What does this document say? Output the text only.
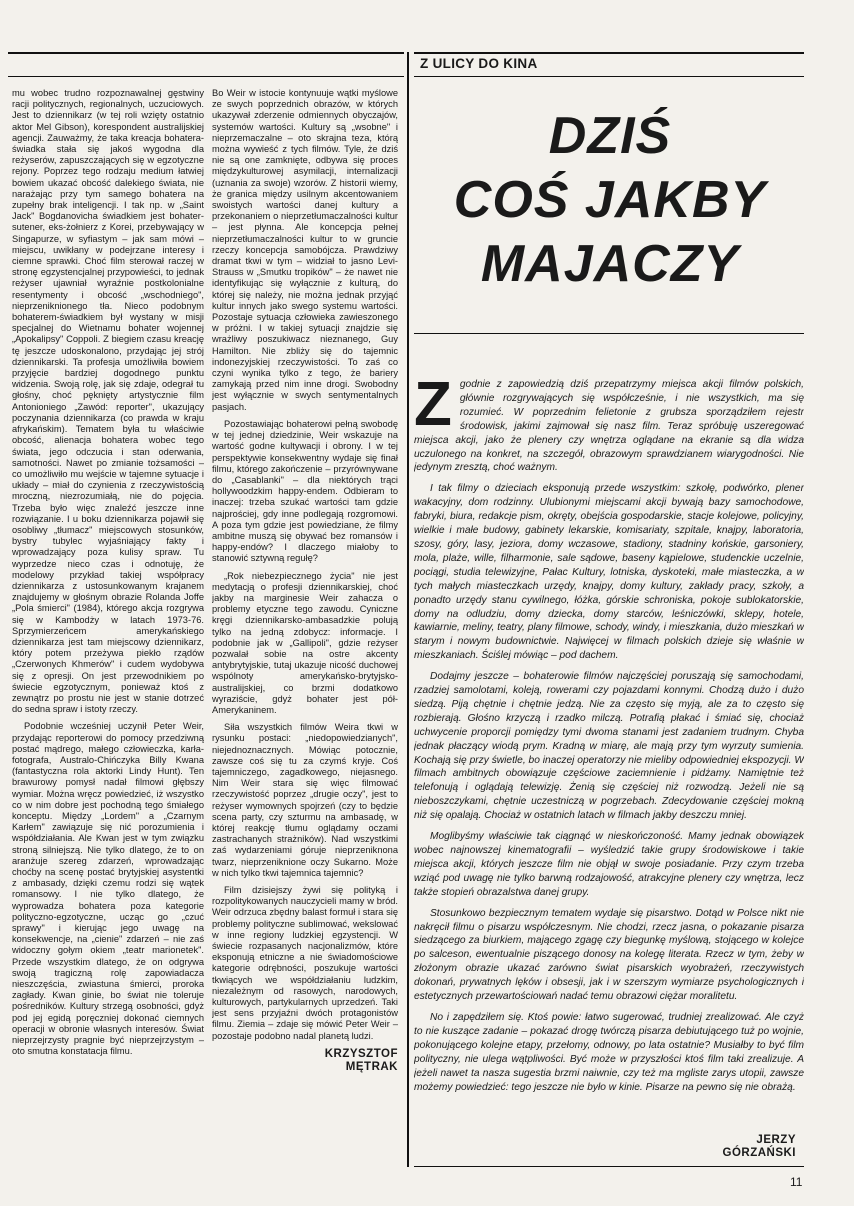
Z ULICY DO KINA

mu wobec trudno rozpoznawalnej gęstwiny racji politycznych, regionalnych, uczuciowych. Jest to dziennikarz (w tej roli wzięty ostatnio aktor Mel Gibson), korespondent australijskiej agencji. Zauważmy, że taka kreacja bohatera-świadka stała się jakoś wygodna dla reżyserów, zapuszczających się w egzotyczne rejony. Poprzez tego rodzaju medium łatwiej bowiem ukazać obcość dalekiego świata, nie narażając przy tym samego bohatera na zupełny brak inteligencji. I tak np. w „Saint Jack" Bogdanovicha świadkiem jest bohater-sutener, eks-żołnierz z Korei, przebywający w Singapurze, w syfiastym – jak sam mówi – miejscu, uwikłany w podejrzane interesy i ciemne sprawki. Choć film sterował raczej w stronę egzystencjalnej przypowieści, to jednak reżyser ujawniał wyraźnie postkolonialne resentymenty i obcość „wschodniego", nieprzeniknionego tła. Nieco podobnym bohaterem-świadkiem był wystany w misji specjalnej do Wietnamu bohater wojennej „Apokalipsy" Coppoli. Z biegiem czasu kreację tę jeszcze udoskonalono, przydając jej strój dziennikarski. Ta profesja umożliwiła bowiem przyjęcie bardziej dogodnego punktu widzenia. Swoją rolę, jak się zdaje, odegrał tu głośny, choć pęknięty artystycznie film Antonioniego „Zawód: reporter", ukazujący poczynania dziennikarza (co prawda w kraju afrykańskim). Tematem była tu właściwie obcość, alienacja bohatera wobec tego świata, jego odczucia i stan oderwania, samotności. Nawet po zmianie tożsamości – co umożliwiło mu wejście w tajemne sytuacje i układy – miał do czynienia z rzeczywistością mroczną, niezrozumiałą, nie do pojęcia. Trzeba było więc znaleźć jeszcze inne rozwiązanie. I u boku dziennikarza pojawił się osobliwy „tłumacz" miejscowych stosunków, bystry tubylec wyjaśniający fakty i wprowadzający poza kulisy spraw. Tu wyprzedze nieco czas i odnotuję, że modelowy przykład takiej współpracy dziennikarza z ustosunkowanym krajanem znajdujemy w głośnym obrazie Rolanda Joffe „Pola śmierci" (1984), którego akcja rozgrywa się w Kambodży w latach 1973-76. Sprzymierzeńcem amerykańskiego dziennikarza jest tam miejscowy dziennikarz, który potem przeżywa piekło rządów „Czerwonych Khmerów" i cudem wydobywa się z opresji. On jest przewodnikiem po świecie egzotycznym, ponieważ ktoś z zewnątrz po prostu nie jest w stanie dotrzeć do sedna spraw i istoty rzeczy.

Podobnie wcześniej uczynił Peter Weir, przydając reporterowi do pomocy przedziwną postać mądrego, małego człowieczka, karła-fotografa, Australo-Chińczyka Billy Kwana (fantastyczna rola aktorki Lindy Hunt). Ten brawurowy pomysł nadał filmowi głębszy wymiar. Można wręcz powiedzieć, iż wszystko co w nim dobre jest pochodną tego śmiałego konceptu. Między „Lordem" a „Czarnym Karłem" zawiązuje się nić porozumienia i współdziałania. Ale Kwan jest w tym związku stroną silniejszą. Nie tylko dlatego, że to on aranżuje szereg zdarzeń, wprowadzając choćby na scenę postać brytyjskiej asystentki z ambasady, dzięki czemu rodzi się wątek romansowy. I nie tylko dlatego, że wyprowadza bohatera poza kategorie polityczno-egzotyczne, ucząc go „czuć sprawy" i kierując jego uwagę na konsekwencje, na „cienie" zdarzeń – nie zaś widoczny gołym okiem „teatr marionetek". Przede wszystkim dlatego, że on odgrywa swoją tragiczną rolę zapowiadacza nieszczęścia, zwiastuna śmierci, proroka zagłady. Kwan ginie, bo świat nie toleruje pośredników. Kultury strzegą osobności, gdyż pod jej egidą poręczniej dokonać ciemnych operacji w obronie własnych interesów. Świat nieprzejrzysty pragnie być nieprzejrzystym – oto smutna konstatacja filmu.

Bo Weir w istocie kontynuuje wątki myślowe ze swych poprzednich obrazów, w których ukazywał zderzenie odmiennych obyczajów, systemów wartości. Kultury są „wsobne" i nieprzemaczalne – oto skrajna teza, którą można wywieść z tych filmów. Tyle, że dziś nie są one zamknięte, odbywa się proces międzykulturowej asymilacji, internalizacji (uznania za swoje) wzorów. Z historii wiemy, że granica między usilnym akcentowaniem swoistych wartości danej kultury a przekonaniem o nieprzetłumaczalności kultur – jest płynna. Ale koncepcja pełnej nieprzetłumaczalności kultur to w gruncie rzeczy koncepcja samobójcza. Prawdziwy dramat tkwi w tym – widział to jasno Levi-Strauss w „Smutku tropików" – że nawet nie identyfikując się wyłącznie z kulturą, do której się należy, nie można jednak przyjąć kultur innych jako swego systemu wartości. Pozostaje sytuacja człowieka zawieszonego w próżni. I w takiej sytuacji znajdzie się wrażliwy poszukiwacz nieznanego, Guy Hamilton. Nie zbliży się do tajemnic indonezyjskiej rzeczywistości. To zaś co czyni wynika tylko z tego, że bariery zamykają przed nim inne drogi. Swobodny jest wyłącznie w swych sentymentalnych pasjach.

Pozostawiając bohaterowi pełną swobodę w tej jednej dziedzinie, Weir wskazuje na wartość godne kultywacji i obrony. I w tej perspektywie konsekwentny wydaje się finał filmu, którego zakończenie – przyrównywane do „Casablanki" – dla niektórych trąci hollywoodzkim happy-endem. Odbieram to inaczej: trzeba szukać wartości tam gdzie najprościej, gdy inne podlegają rozgromowi. A poza tym gdzie jest powiedziane, że filmy ambitne muszą się obywać bez romansów i happy-endów? I dlaczego miałoby to stanowić sztywną regułę?

„Rok niebezpiecznego życia" nie jest medytacją o profesji dziennikarskiej, choć jakby na marginesie Weir zahacza o problemy etyczne tego zawodu. Cyniczne kręgi dziennikarsko-ambasadzkie polują tylko na jedną zdobycz: informacje. I podobnie jak w „Gallipoli", gdzie reżyser pozwalał sobie na ostre akcenty antybrytyjskie, tutaj ukazuje nicość duchowej wspólnoty amerykańsko-brytyjsko-australijskiej, co brzmi dodatkowo wyraziście, gdyż bohater jest pół-Amerykaninem.

Siła wszystkich filmów Weira tkwi w rysunku postaci: „niedopowiedzianych", niejednoznacznych. Mówiąc potocznie, zawsze coś się tu za czymś kryje. Coś tajemniczego, zagadkowego, niejasnego. Nim Weir stara się więc filmować rzeczywistość poprzez „drugie oczy", jest to reżyser wymownych spojrzeń (czy to będzie scena party, czy szturmu na ambasadę, w której reakcję tłumu oglądamy oczami zastrachanych strażników). Nad wszystkimi zaś wydarzeniami góruje nieprzeniknona twarz, nieprzeniknione oczy Sukarno. Może w nich tylko tkwi tajemnica tajemnic?

Film dzisiejszy żywi się polityką i rozpolitykowanych nauczycieli mamy w bród. Weir odrzuca zbędny balast formuł i stara się problemy polityczne sublimować, wekslować w inne regiony ludzkiej egzystencji. W świecie rozpasanych nacjonalizmów, które eksponują etniczne a nie świadomościowe kategorie odrębności, poszukuje wartości tkwiących we współdziałaniu ludzkim, niezależnym od rasowych, narodowych, kulturowych, partykularnych uprzedzeń. Taki jest sens przyjaźni dwóch protagonistów filmu. Ziemia – zdaje się mówić Peter Weir – pozostaje podobno nadal planetą ludzi.

KRZYSZTOF
MĘTRAK
DZIŚ
COŚ JAKBY
MAJACZY

Zgodnie z zapowiedzią dziś przepatrzymy miejsca akcji filmów polskich, głównie rozgrywających się współcześnie, i nie wszystkich, ma się rozumieć. W poprzednim felietonie z grubsza sporządziłem rejestr środowisk, jakimi zajmował się nasz film. Teraz spróbuję uszeregować miejsca akcji, jako że plenery czy wnętrza oglądane na ekranie są dla widza uczulonego na konkret, na szczegół, obrazowym sprawdzianem wiarygodności. Nie jedynym zresztą, choć ważnym.

I tak filmy o dzieciach eksponują przede wszystkim: szkołę, podwórko, plener wakacyjny, dom rodzinny. Ulubionymi miejscami akcji bywają bazy samochodowe, fabryki, biura, redakcje pism, okręty, obejścia gospodarskie, stacje kolejowe, policyjny, wielkie i małe budowy, gabinety lekarskie, komisariaty, szpitale, knajpy, laboratoria, szosy, góry, lasy, jeziora, domy wczasowe, stadiony, stadniny końskie, garsoniery, mola, plaże, wille, filharmonie, sale sądowe, baseny kąpielowe, studenckie uczelnie, pociągi, studia telewizyjne, Pałac Kultury, lotniska, dyskoteki, małe miasteczka, a w tych małych miasteczkach urzędy, knajpy, domy kultury, zakłady pracy, szkoły, a ponadto urzędy stanu cywilnego, łóżka, górskie schroniska, pokoje sublokatorskie, domy na odludziu, domy dziecka, domy starców, leśniczówki, sklepy, hotele, kawiarnie, meliny, teatry, plany filmowe, schody, windy, i mieszkania, dużo mieszkań w starym i nowym budownictwie. Najwięcej w filmach polskich dzieje się właśnie w mieszkaniach. Ściślej mówiąc – pod dachem.

Dodajmy jeszcze – bohaterowie filmów najczęściej poruszają się samochodami, rzadziej samolotami, koleją, rowerami czy pojazdami konnymi. Chodzą dużo i dużo siedzą. Piją chętnie i chętnie jedzą. Nie za często się myją, ale za to często się rozbierają. Głośno krzyczą i rzadko milczą. Potrafią płakać i śmiać się, chociaż uchwycenie proporcji pomiędzy tymi dwoma stanami jest zadaniem trudnym. Chyba jednak płaczący wiodą prym. Kradną w miarę, ale mają przy tym wyrzuty sumienia. Kochają się przy świetle, bo inaczej operatorzy nie mieliby odpowiedniej ekspozycji. W filmach ambitnych obowiązuje częściowe zaciemnienie i pidżamy. Namiętnie też telefonują i oglądają telewizję. Żenią się częściej niż rozwodzą. Jeżeli nie są nieboszczykami, chętnie uczestniczą w pogrzebach. Zdecydowanie częściej mokną niż się opalają. Chociaż w ostatnich latach w filmach jakby deszczu mniej.

Moglibyśmy właściwie tak ciągnąć w nieskończoność. Mamy jednak obowiązek wobec najnowszej kinematografii – wyśledzić takie grupy środowiskowe i takie miejsca akcji, których jeszcze film nie objął w swoje posiadanie. Przy czym trzeba wziąć pod uwagę nie tylko barwną rodzajowość, atrakcyjne plenery czy wnętrza, lecz także stopień obrazalstwa danej grupy.

Stosunkowo bezpiecznym tematem wydaje się pisarstwo. Dotąd w Polsce nikt nie nakręcił filmu o pisarzu współczesnym. Nie chodzi, rzecz jasna, o pokazanie pisarza siedzącego za biurkiem, mającego zgagę czy biegunkę myślową, stojącego w kolejce po salceson, ewentualnie piszącego donosy na kolegę literata. Rzecz w tym, żeby w złożonym obrazie ukazać zarówno świat pisarskich wyobrażeń, rzeczywistych dokonań, prywatnych lęków i obsesji, jak i w szerszym wymiarze psychologicznych i estetycznych przewartościowań nadać temu obrazowi ciężar moralitetu.

No i zapędziłem się. Ktoś powie: łatwo sugerować, trudniej zrealizować. Ale czyż to nie kuszące zadanie – pokazać drogę twórczą pisarza debiutującego tuż po wojnie, pokonującego kolejne etapy, przełomy, odnowy, po lata ostatnie? Musiałby to być film polityczny, nie ulega wątpliwości. Być może w przyszłości ktoś film taki zrealizuje. A jeżeli nawet ta nasza sugestia brzmi naiwnie, czy też ma mgliste zarys utopii, zawsze możemy powiedzieć: tego jeszcze nie było w kinie. Pisarze na pewno się nie obrażą.

JERZY
GÓRZAŃSKI
11
